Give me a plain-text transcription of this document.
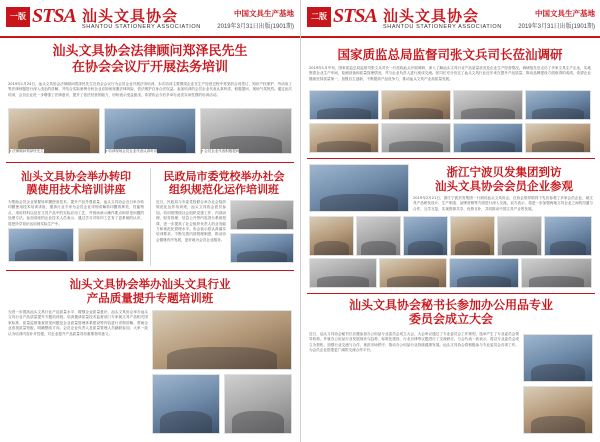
一版 STSA 汕头文具协会
SHANTOU STATIONERY ASSOCIATION
中国文具生产基地
2019年3月31日出版(1901期)
汕头文具协会法律顾问郑泽民先生
在协会会议厅开展法务培训

2019年1月24日，汕头文具协会法律顾问郑泽民先生在协会会议厅为会员企业开展法务培训，本次培训主要围绕企业在生产经营过程中常见的合同签订、知识产权保护、劳动用工等法律问题进行深入浅出的讲解，并结合实际案例分析企业应如何规避法律风险，依法维护自身合法权益。参加培训的会员企业代表认真听讲，积极提问，现场气氛热烈。通过此次培训，会员企业进一步增强了法律意识，提升了依法经营的能力，纷纷表示受益匪浅，希望协会今后多举办此类实用性强的培训活动。

▪ 法律顾问郑泽民先生	▪ 培训现场会员企业代表认真听讲	▪ 会员企业代表积极提问
汕头文具协会举办转印
膜使用技术培训讲座

为帮助会员企业掌握转印膜使用技术，提升产品外观质量，汕头文具协会近日举办转印膜使用技术培训讲座，邀请行业专家为会员企业详细讲解转印膜的种类、性能特点、适用材料以及在文具产品中的实际应用工艺，并现场演示操作要点和常见问题的处理方法。参加讲座的企业技术人员表示，通过学习对转印工艺有了更系统的认识，将把所学知识运用到实际生产中。

民政局市委党校举办社会
组织规范化运作培训班

近日，民政局与市委党校联合举办社会组织规范化运作培训班，汕头文具协会派员参加。培训班围绕社会组织党建工作、内部治理、财务管理、信息公开等内容进行系统授课，进一步提高了社会组织负责人的业务能力和规范化管理水平。协会表示将认真落实培训要求，不断完善内部管理制度，推动协会健康有序发展，更好地为会员企业服务。

汕头文具协会举办汕头文具行业
产品质量提升专题培训班

为进一步提高汕头文具行业产品质量水平，增强企业质量意识，汕头文具协会举办汕头文具行业产品质量提升专题培训班。培训邀请质量技术监督部门专家就文具产品相关国家标准、质量监督抽查常见问题及企业质量管理体系建设等内容进行详细讲解，帮助企业查找质量短板，明确整改方向。会员企业负责人及质量管理人员踊跃参加，大家一致认为培训内容针对性强，对企业提升产品质量具有重要指导意义。

二版 STSA 汕头文具协会
SHANTOU STATIONERY ASSOCIATION
中国文具生产基地
2019年3月31日出版(1901期)
国家质监总局监督司张文兵司长莅汕调研

2019年1月中旬，国家质监总局监督司张文兵司长一行莅临汕头开展调研，深入了解汕头文具行业产品质量状况及企业生产经营情况。调研组先后走访了多家文具生产企业，实地察看企业生产车间、检测设备和质量管理情况，并与企业负责人进行座谈交流。张司长充分肯定了汕头文具行业近年来在提升产品质量、推动品牌建设方面取得的成绩，希望企业继续坚持质量第一，加强自主创新，不断提高产品竞争力，推动汕头文具产业高质量发展。

浙江宁波贝发集团到访
汕头文具协会会员企业参观

2019年2月21日，浙江宁波贝发集团一行到访汕头文具协会，在协会领导陪同下先后参观了多家会员企业，就文具产品研发设计、生产制造、品牌营销等方面进行深入交流。双方表示，将进一步加强两地文具企业之间的沟通与合作，互学互鉴，实现资源共享、优势互补，共同推动中国文具产业的发展。

汕头文具协会秘书长参加办公用品专业
委员会成立大会

近日，汕头文具协会秘书长应邀参加办公用品专业委员会成立大会。大会审议通过了专业委员会工作规则，选举产生了专业委员会领导机构，并就办公用品行业发展现状与趋势、标准化建设、行业自律等议题进行了交流研讨。与会代表一致表示，将以专业委员会成立为契机，加强行业交流与合作，规范市场秩序，推动办公用品行业持续健康发展。汕头文具协会将积极参与专业委员会各项工作，为会员企业搭建更广阔的交流合作平台。
